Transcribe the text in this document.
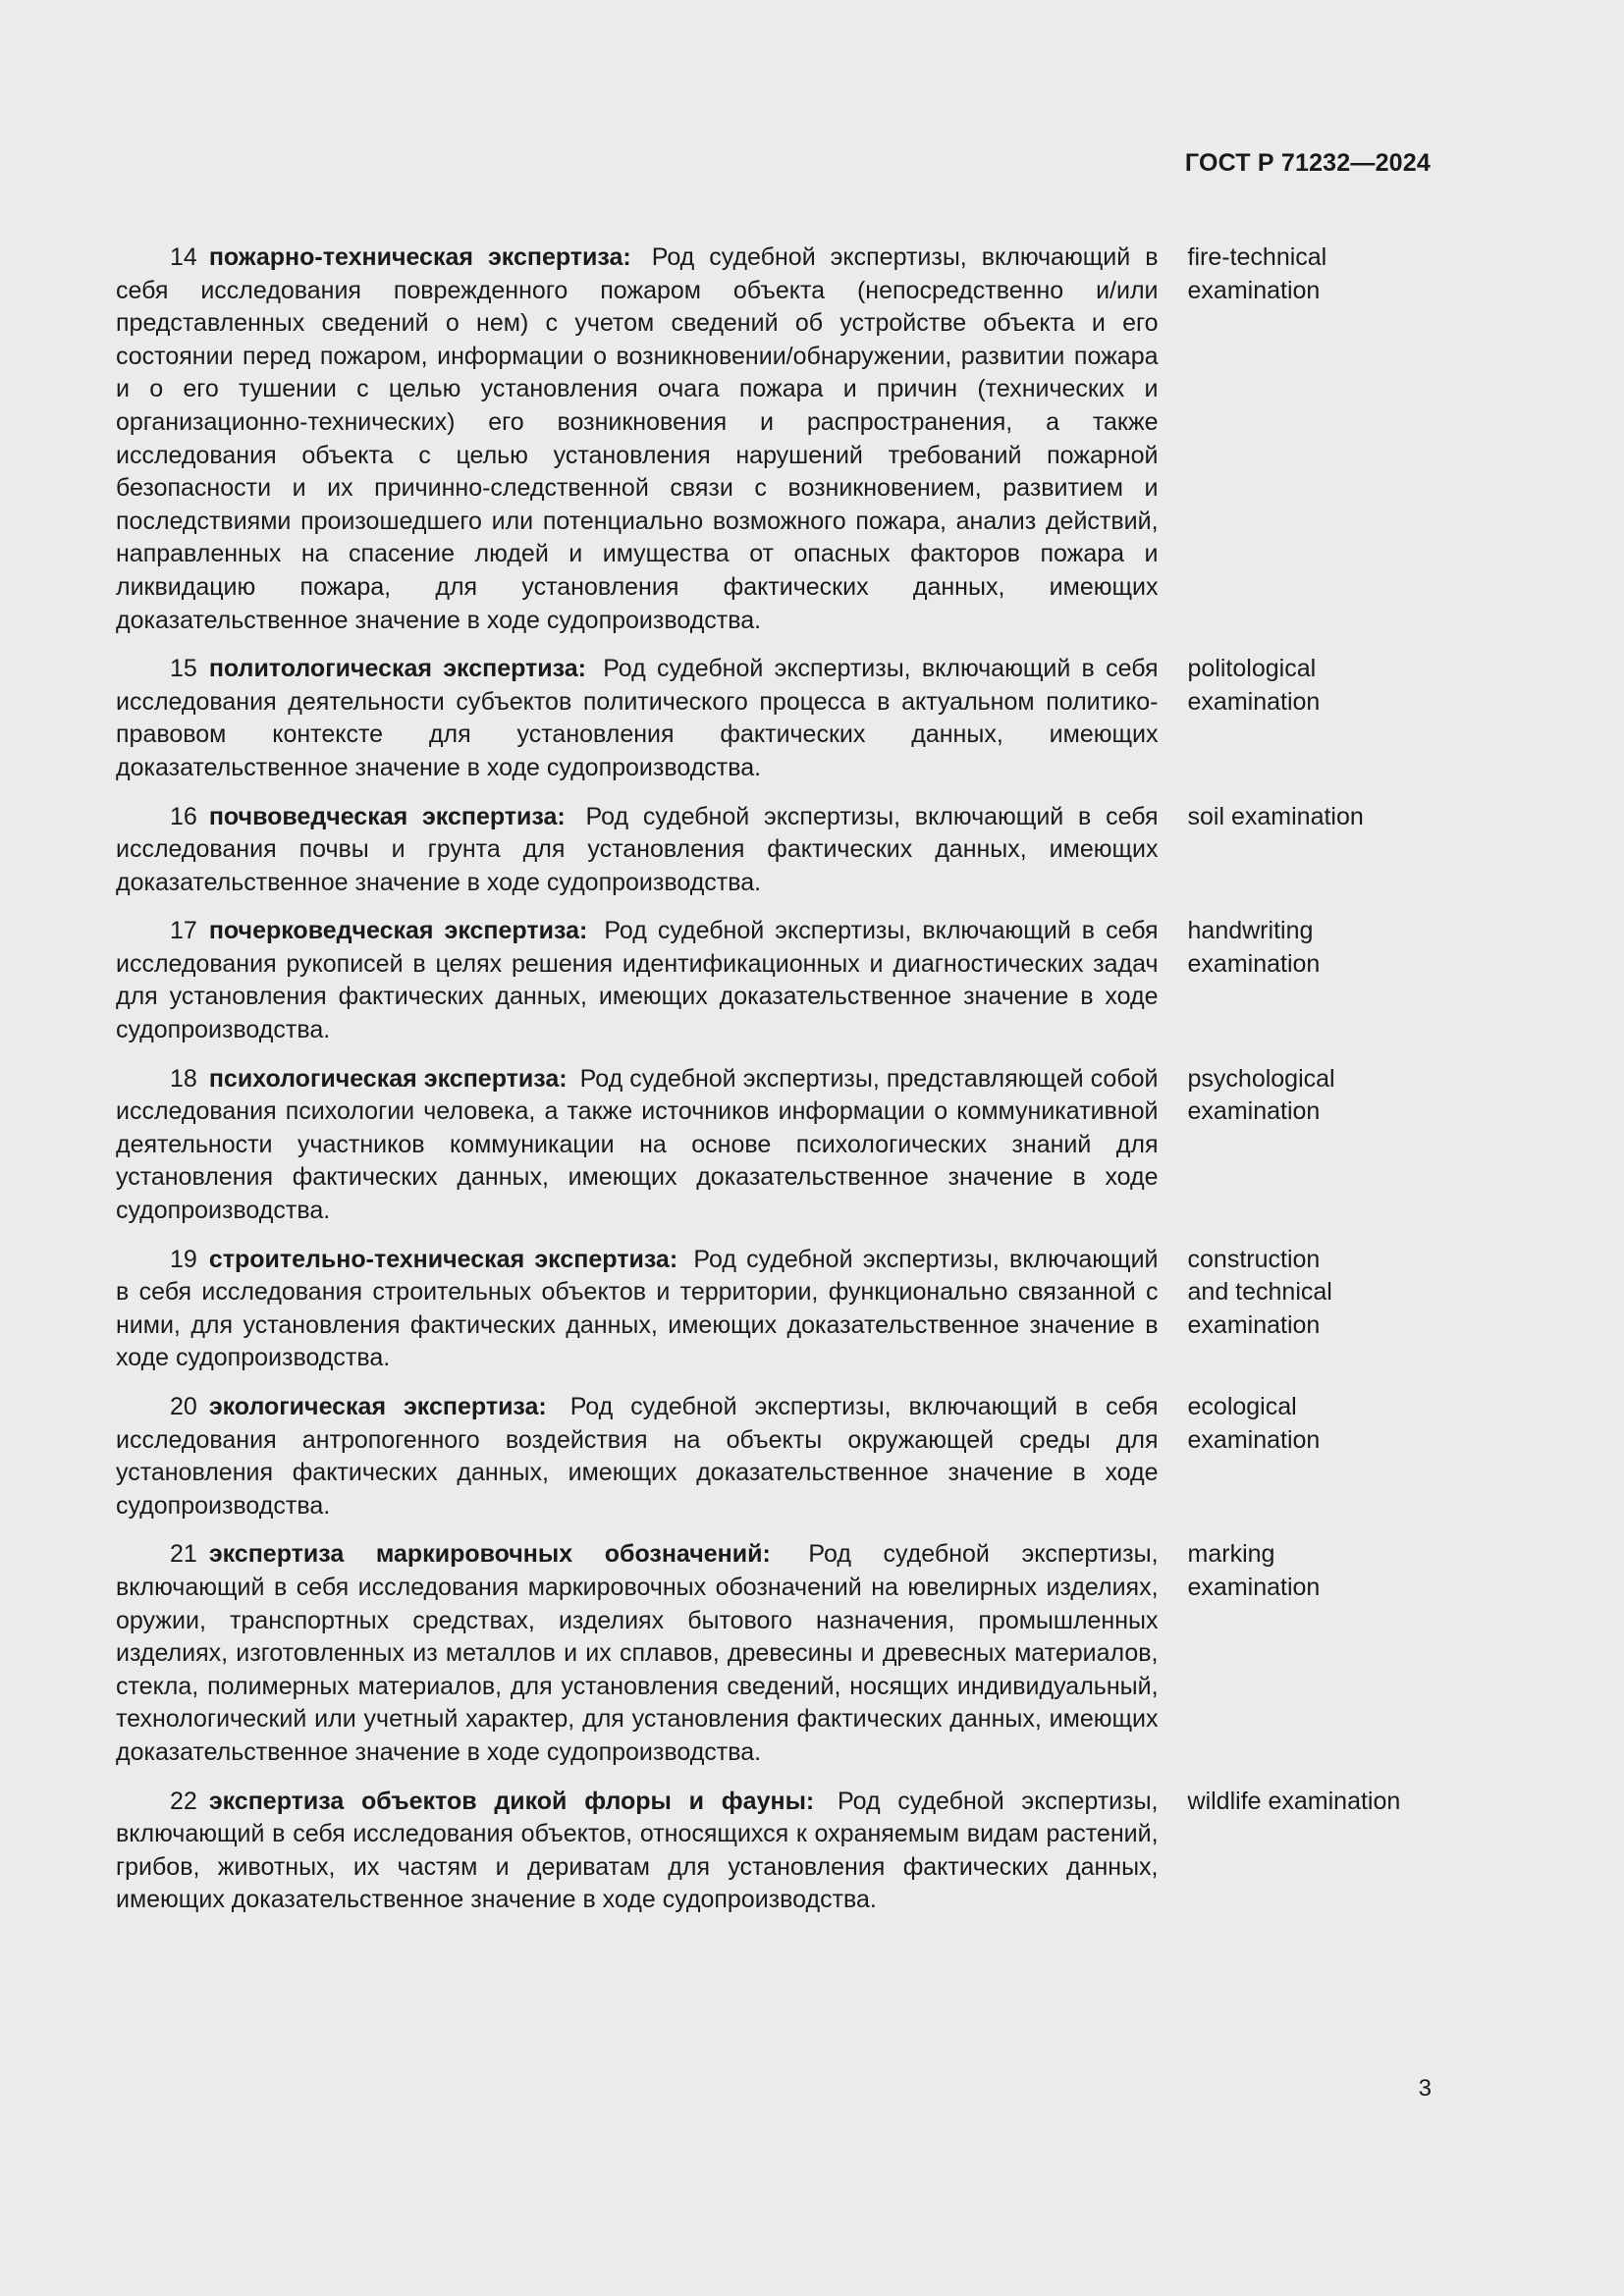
ГОСТ Р 71232—2024
14 пожарно-техническая экспертиза: Род судебной экспертизы, включающий в себя исследования поврежденного пожаром объекта (непосредственно и/или представленных сведений о нем) с учетом сведений об устройстве объекта и его состоянии перед пожаром, информации о возникновении/обнаружении, развитии пожара и о его тушении с целью установления очага пожара и причин (технических и организационно-технических) его возникновения и распространения, а также исследования объекта с целью установления нарушений требований пожарной безопасности и их причинно-следственной связи с возникновением, развитием и последствиями произошедшего или потенциально возможного пожара, анализ действий, направленных на спасение людей и имущества от опасных факторов пожара и ликвидацию пожара, для установления фактических данных, имеющих доказательственное значение в ходе судопроизводства.
fire-technical
examination
15 политологическая экспертиза: Род судебной экспертизы, включающий в себя исследования деятельности субъектов политического процесса в актуальном политико-правовом контексте для установления фактических данных, имеющих доказательственное значение в ходе судопроизводства.
politological
examination
16 почвоведческая экспертиза: Род судебной экспертизы, включающий в себя исследования почвы и грунта для установления фактических данных, имеющих доказательственное значение в ходе судопроизводства.
soil examination
17 почерковедческая экспертиза: Род судебной экспертизы, включающий в себя исследования рукописей в целях решения идентификационных и диагностических задач для установления фактических данных, имеющих доказательственное значение в ходе судопроизводства.
handwriting
examination
18 психологическая экспертиза: Род судебной экспертизы, представляющей собой исследования психологии человека, а также источников информации о коммуникативной деятельности участников коммуникации на основе психологических знаний для установления фактических данных, имеющих доказательственное значение в ходе судопроизводства.
psychological
examination
19 строительно-техническая экспертиза: Род судебной экспертизы, включающий в себя исследования строительных объектов и территории, функционально связанной с ними, для установления фактических данных, имеющих доказательственное значение в ходе судопроизводства.
construction
and technical
examination
20 экологическая экспертиза: Род судебной экспертизы, включающий в себя исследования антропогенного воздействия на объекты окружающей среды для установления фактических данных, имеющих доказательственное значение в ходе судопроизводства.
ecological
examination
21 экспертиза маркировочных обозначений: Род судебной экспертизы, включающий в себя исследования маркировочных обозначений на ювелирных изделиях, оружии, транспортных средствах, изделиях бытового назначения, промышленных изделиях, изготовленных из металлов и их сплавов, древесины и древесных материалов, стекла, полимерных материалов, для установления сведений, носящих индивидуальный, технологический или учетный характер, для установления фактических данных, имеющих доказательственное значение в ходе судопроизводства.
marking
examination
22 экспертиза объектов дикой флоры и фауны: Род судебной экспертизы, включающий в себя исследования объектов, относящихся к охраняемым видам растений, грибов, животных, их частям и дериватам для установления фактических данных, имеющих доказательственное значение в ходе судопроизводства.
wildlife examination
3
